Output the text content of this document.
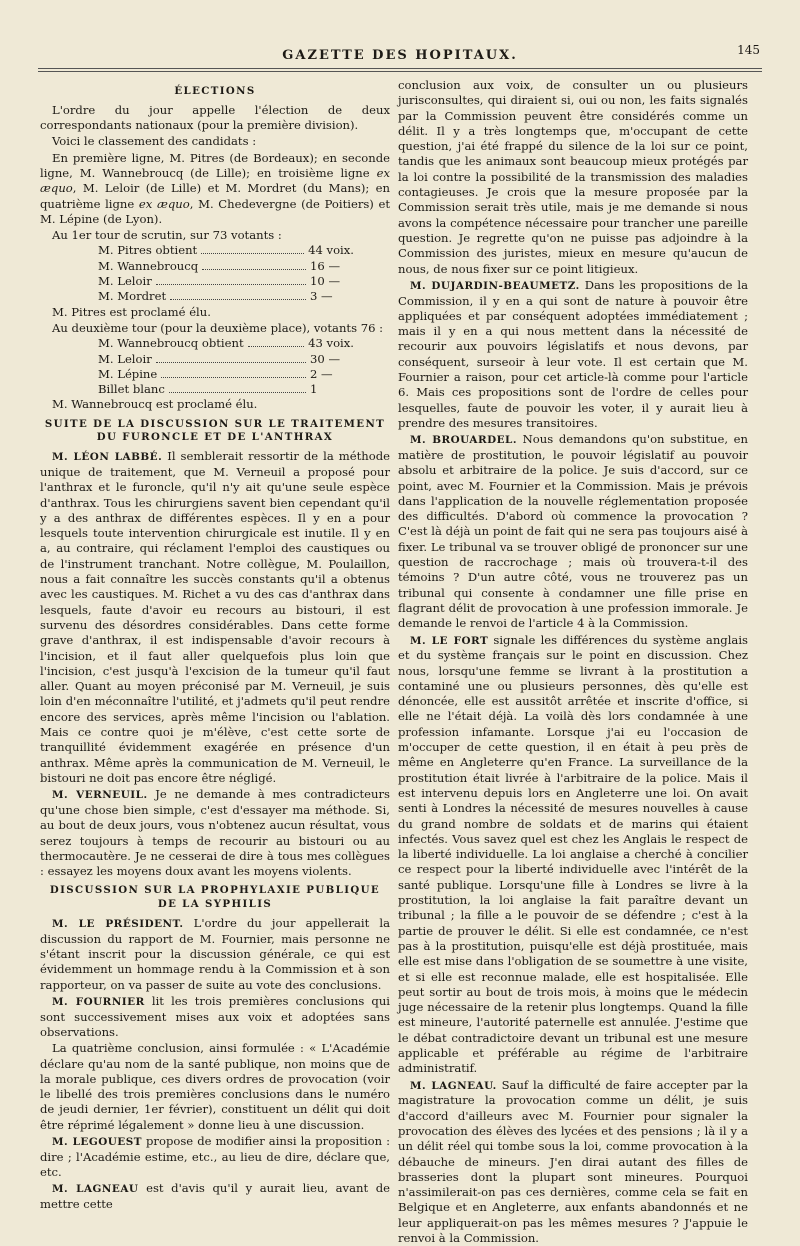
GAZETTE DES HOPITAUX.	145
ÉLECTIONS

L'ordre du jour appelle l'élection de deux correspondants nationaux (pour la première division).

Voici le classement des candidats :

En première ligne, M. Pitres (de Bordeaux); en seconde ligne, M. Wannebroucq (de Lille); en troisième ligne ex æquo, M. Leloir (de Lille) et M. Mordret (du Mans); en quatrième ligne ex æquo, M. Chedevergne (de Poitiers) et M. Lépine (de Lyon).

Au 1er tour de scrutin, sur 73 votants :

M. Pitres obtient	44 voix.
M. Wannebroucq	16 —
M. Leloir	10 —
M. Mordret	3 —

M. Pitres est proclamé élu.

Au deuxième tour (pour la deuxième place), votants 76 :

M. Wannebroucq obtient	43 voix.
M. Leloir	30 —
M. Lépine	2 —
Billet blanc	1

M. Wannebroucq est proclamé élu.

SUITE DE LA DISCUSSION SUR LE TRAITEMENT
DU FURONCLE ET DE L'ANTHRAX

M. LÉON LABBÉ. Il semblerait ressortir de la méthode unique de traitement, que M. Verneuil a proposé pour l'anthrax et le furoncle, qu'il n'y ait qu'une seule espèce d'anthrax. Tous les chirurgiens savent bien cependant qu'il y a des anthrax de différentes espèces. Il y en a pour lesquels toute intervention chirurgicale est inutile. Il y en a, au contraire, qui réclament l'emploi des caustiques ou de l'instrument tranchant. Notre collègue, M. Poulaillon, nous a fait connaître les succès constants qu'il a obtenus avec les caustiques. M. Richet a vu des cas d'anthrax dans lesquels, faute d'avoir eu recours au bistouri, il est survenu des désordres considérables. Dans cette forme grave d'anthrax, il est indispensable d'avoir recours à l'incision, et il faut aller quelquefois plus loin que l'incision, c'est jusqu'à l'excision de la tumeur qu'il faut aller. Quant au moyen préconisé par M. Verneuil, je suis loin d'en méconnaître l'utilité, et j'admets qu'il peut rendre encore des services, après même l'incision ou l'ablation. Mais ce contre quoi je m'élève, c'est cette sorte de tranquillité évidemment exagérée en présence d'un anthrax. Même après la communication de M. Verneuil, le bistouri ne doit pas encore être négligé.

M. VERNEUIL. Je ne demande à mes contradicteurs qu'une chose bien simple, c'est d'essayer ma méthode. Si, au bout de deux jours, vous n'obtenez aucun résultat, vous serez toujours à temps de recourir au bistouri ou au thermocautère. Je ne cesserai de dire à tous mes collègues : essayez les moyens doux avant les moyens violents.

DISCUSSION SUR LA PROPHYLAXIE PUBLIQUE
DE LA SYPHILIS

M. LE PRÉSIDENT. L'ordre du jour appellerait la discussion du rapport de M. Fournier, mais personne ne s'étant inscrit pour la discussion générale, ce qui est évidemment un hommage rendu à la Commission et à son rapporteur, on va passer de suite au vote des conclusions.

M. FOURNIER lit les trois premières conclusions qui sont successivement mises aux voix et adoptées sans observations.

La quatrième conclusion, ainsi formulée : « L'Académie déclare qu'au nom de la santé publique, non moins que de la morale publique, ces divers ordres de provocation (voir le libellé des trois premières conclusions dans le numéro de jeudi dernier, 1er février), constituent un délit qui doit être réprimé légalement » donne lieu à une discussion.

M. LEGOUEST propose de modifier ainsi la proposition : dire ; l'Académie estime, etc., au lieu de dire, déclare que, etc.

M. LAGNEAU est d'avis qu'il y aurait lieu, avant de mettre cette

conclusion aux voix, de consulter un ou plusieurs jurisconsultes, qui diraient si, oui ou non, les faits signalés par la Commission peuvent être considérés comme un délit. Il y a très longtemps que, m'occupant de cette question, j'ai été frappé du silence de la loi sur ce point, tandis que les animaux sont beaucoup mieux protégés par la loi contre la possibilité de la transmission des maladies contagieuses. Je crois que la mesure proposée par la Commission serait très utile, mais je me demande si nous avons la compétence nécessaire pour trancher une pareille question. Je regrette qu'on ne puisse pas adjoindre à la Commission des juristes, mieux en mesure qu'aucun de nous, de nous fixer sur ce point litigieux.

M. DUJARDIN-BEAUMETZ. Dans les propositions de la Commission, il y en a qui sont de nature à pouvoir être appliquées et par conséquent adoptées immédiatement ; mais il y en a qui nous mettent dans la nécessité de recourir aux pouvoirs législatifs et nous devons, par conséquent, surseoir à leur vote. Il est certain que M. Fournier a raison, pour cet article-là comme pour l'article 6. Mais ces propositions sont de l'ordre de celles pour lesquelles, faute de pouvoir les voter, il y aurait lieu à prendre des mesures transitoires.

M. BROUARDEL. Nous demandons qu'on substitue, en matière de prostitution, le pouvoir législatif au pouvoir absolu et arbitraire de la police. Je suis d'accord, sur ce point, avec M. Fournier et la Commission. Mais je prévois dans l'application de la nouvelle réglementation proposée des difficultés. D'abord où commence la provocation ? C'est là déjà un point de fait qui ne sera pas toujours aisé à fixer. Le tribunal va se trouver obligé de prononcer sur une question de raccrochage ; mais où trouvera-t-il des témoins ? D'un autre côté, vous ne trouverez pas un tribunal qui consente à condamner une fille prise en flagrant délit de provocation à une profession immorale. Je demande le renvoi de l'article 4 à la Commission.

M. LE FORT signale les différences du système anglais et du système français sur le point en discussion. Chez nous, lorsqu'une femme se livrant à la prostitution a contaminé une ou plusieurs personnes, dès qu'elle est dénoncée, elle est aussitôt arrêtée et inscrite d'office, si elle ne l'était déjà. La voilà dès lors condamnée à une profession infamante. Lorsque j'ai eu l'occasion de m'occuper de cette question, il en était à peu près de même en Angleterre qu'en France. La surveillance de la prostitution était livrée à l'arbitraire de la police. Mais il est intervenu depuis lors en Angleterre une loi. On avait senti à Londres la nécessité de mesures nouvelles à cause du grand nombre de soldats et de marins qui étaient infectés. Vous savez quel est chez les Anglais le respect de la liberté individuelle. La loi anglaise a cherché à concilier ce respect pour la liberté individuelle avec l'intérêt de la santé publique. Lorsqu'une fille à Londres se livre à la prostitution, la loi anglaise la fait paraître devant un tribunal ; la fille a le pouvoir de se défendre ; c'est à la partie de prouver le délit. Si elle est condamnée, ce n'est pas à la prostitution, puisqu'elle est déjà prostituée, mais elle est mise dans l'obligation de se soumettre à une visite, et si elle est reconnue malade, elle est hospitalisée. Elle peut sortir au bout de trois mois, à moins que le médecin juge nécessaire de la retenir plus longtemps. Quand la fille est mineure, l'autorité paternelle est annulée. J'estime que le débat contradictoire devant un tribunal est une mesure applicable et préférable au régime de l'arbitraire administratif.

M. LAGNEAU. Sauf la difficulté de faire accepter par la magistrature la provocation comme un délit, je suis d'accord d'ailleurs avec M. Fournier pour signaler la provocation des élèves des lycées et des pensions ; là il y a un délit réel qui tombe sous la loi, comme provocation à la débauche de mineurs. J'en dirai autant des filles de brasseries dont la plupart sont mineures. Pourquoi n'assimilerait-on pas ces dernières, comme cela se fait en Belgique et en Angleterre, aux enfants abandonnés et ne leur appliquerait-on pas les mêmes mesures ? J'appuie le renvoi à la Commission.
